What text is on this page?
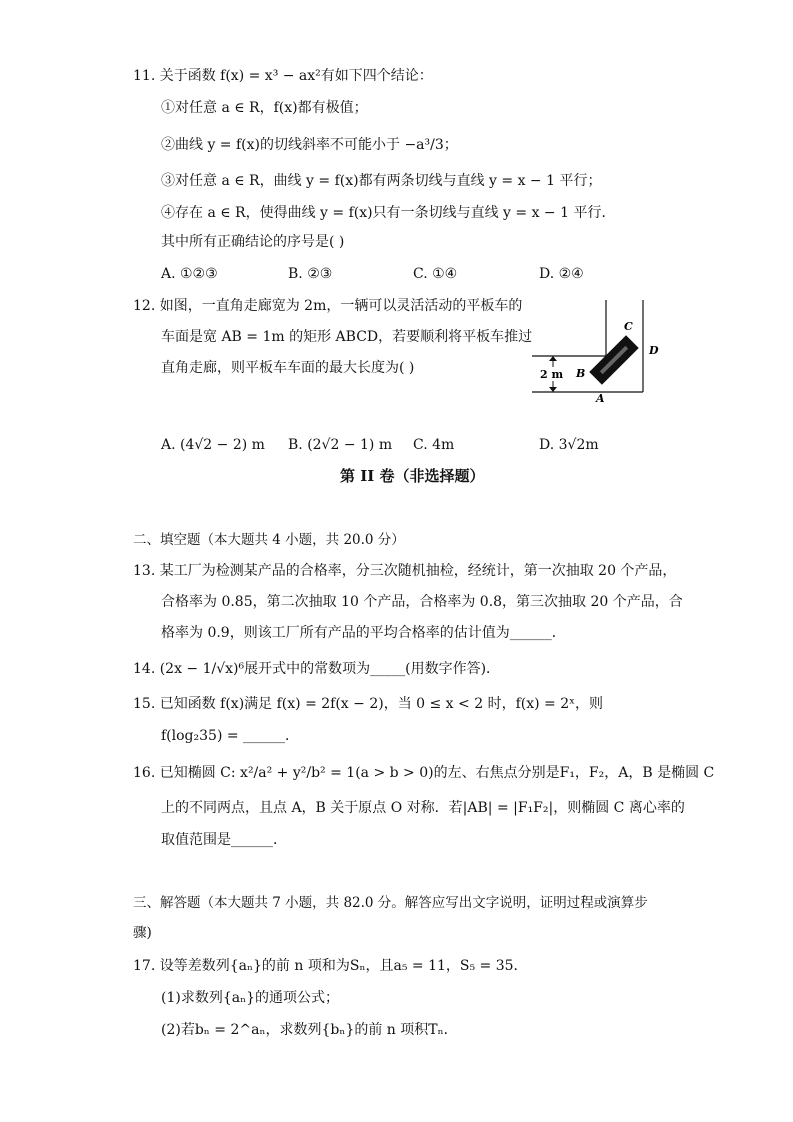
11. 关于函数 f(x) = x³ − ax²有如下四个结论：
①对任意 a ∈ R，f(x)都有极值；
②曲线 y = f(x)的切线斜率不可能小于 −a³/3；
③对任意 a ∈ R，曲线 y = f(x)都有两条切线与直线 y = x − 1 平行；
④存在 a ∈ R，使得曲线 y = f(x)只有一条切线与直线 y = x − 1 平行．
其中所有正确结论的序号是( )
A. ①②③	B. ②③	C. ①④	D. ②④
12. 如图，一直角走廊宽为 2m，一辆可以灵活活动的平板车的
车面是宽 AB = 1m 的矩形 ABCD，若要顺利将平板车推过
直角走廊，则平板车车面的最大长度为( )	2 m
C
D
B
A
A. (4√2 − 2) m B. (2√2 − 1) m C. 4m	D. 3√2m
第 II 卷（非选择题）
二、填空题（本大题共 4 小题，共 20.0 分）
13. 某工厂为检测某产品的合格率，分三次随机抽检，经统计，第一次抽取 20 个产品，
合格率为 0.85，第二次抽取 10 个产品，合格率为 0.8，第三次抽取 20 个产品，合
格率为 0.9，则该工厂所有产品的平均合格率的估计值为______．
14. (2x − 1/√x)⁶展开式中的常数项为_____(用数字作答)．
15. 已知函数 f(x)满足 f(x) = 2f(x − 2)，当 0 ≤ x < 2 时，f(x) = 2ˣ，则
f(log₂35) = ______．
16. 已知椭圆 C: x²/a² + y²/b² = 1(a > b > 0)的左、右焦点分别是F₁，F₂，A，B 是椭圆 C
上的不同两点，且点 A，B 关于原点 O 对称．若|AB| = |F₁F₂|，则椭圆 C 离心率的
取值范围是______．
三、解答题（本大题共 7 小题，共 82.0 分。解答应写出文字说明，证明过程或演算步
骤)
17. 设等差数列{aₙ}的前 n 项和为Sₙ，且a₅ = 11，S₅ = 35．
(1)求数列{aₙ}的通项公式；
(2)若bₙ = 2^aₙ，求数列{bₙ}的前 n 项积Tₙ．
